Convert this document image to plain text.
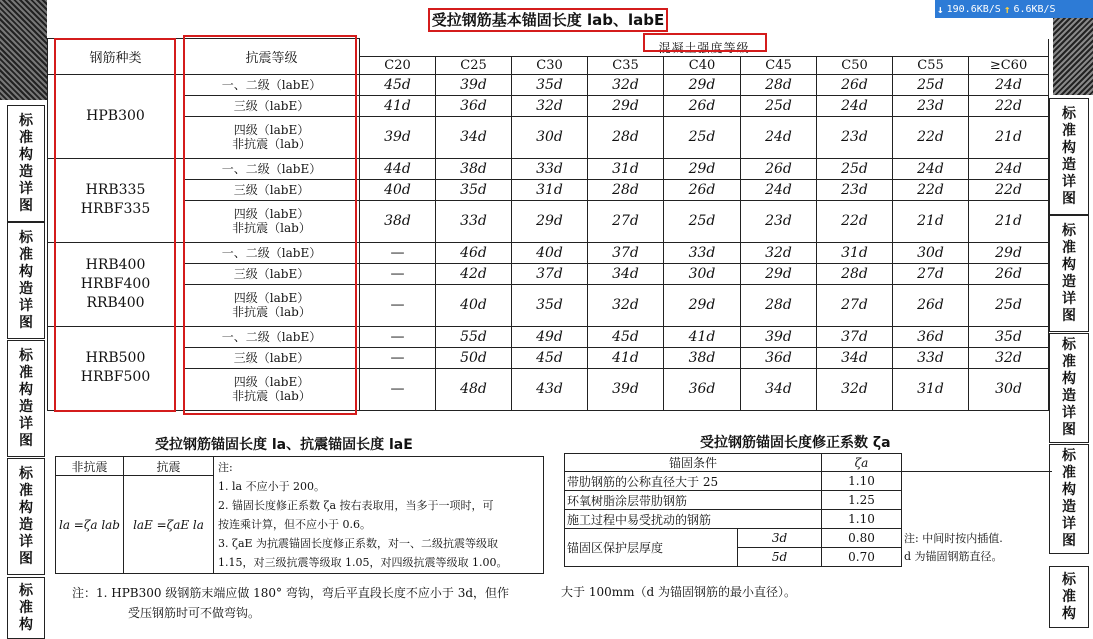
标
准
构
造
详
图
标
准
构
造
详
图
标
准
构
造
详
图
标
准
构
造
详
图
标
准
构
标
准
构
造
详
图
标
准
构
造
详
图
标
准
构
造
详
图
标
准
构
造
详
图
标
准
构
↓ 190.6KB/S ↑ 6.6KB/S
受拉钢筋基本锚固长度 lab、labE
钢筋种类	抗震等级	混凝土强度等级								
		C20	C25	C30	C35	C40	C45	C50	C55	≥C60

HPB300	一、二级（labE）	45d	39d	35d	32d	29d	28d	26d	25d	24d

	三级（labE）	41d	36d	32d	29d	26d	25d	24d	23d	22d

	四级（labE）
非抗震（lab）	39d	34d	30d	28d	25d	24d	23d	22d	21d

HRB335
HRBF335	一、二级（labE）	44d	38d	33d	31d	29d	26d	25d	24d	24d

	三级（labE）	40d	35d	31d	28d	26d	24d	23d	22d	22d

	四级（labE）
非抗震（lab）	38d	33d	29d	27d	25d	23d	22d	21d	21d

HRB400
HRBF400
RRB400	一、二级（labE）	—	46d	40d	37d	33d	32d	31d	30d	29d

	三级（labE）	—	42d	37d	34d	30d	29d	28d	27d	26d

	四级（labE）
非抗震（lab）	—	40d	35d	32d	29d	28d	27d	26d	25d

HRB500
HRBF500	一、二级（labE）	—	55d	49d	45d	41d	39d	37d	36d	35d

	三级（labE）	—	50d	45d	41d	38d	36d	34d	33d	32d

	四级（labE）
非抗震（lab）	—	48d	43d	39d	36d	34d	32d	31d	30d
受拉钢筋锚固长度 la、抗震锚固长度 laE
非抗震	抗震
la =ζa lab	laE =ζaE la
注:
1. la 不应小于 200。
2. 锚固长度修正系数 ζa 按右表取用，当多于一项时，可
按连乘计算，但不应小于 0.6。
3. ζaE 为抗震锚固长度修正系数，对一、二级抗震等级取
1.15，对三级抗震等级取 1.05，对四级抗震等级取 1.00。
受拉钢筋锚固长度修正系数 ζa
锚固条件		ζa	
带肋钢筋的公称直径大于 25		1.10	
环氧树脂涂层带肋钢筋		1.25	
施工过程中易受扰动的钢筋		1.10	
锚固区保护层厚度	3d	0.80	注: 中间时按内插值.
d 为锚固钢筋直径。

	5d	0.70	
注：1. HPB300 级钢筋末端应做 180° 弯钩，弯后平直段长度不应小于 3d，但作
受压钢筋时可不做弯钩。
大于 100mm（d 为锚固钢筋的最小直径）。
